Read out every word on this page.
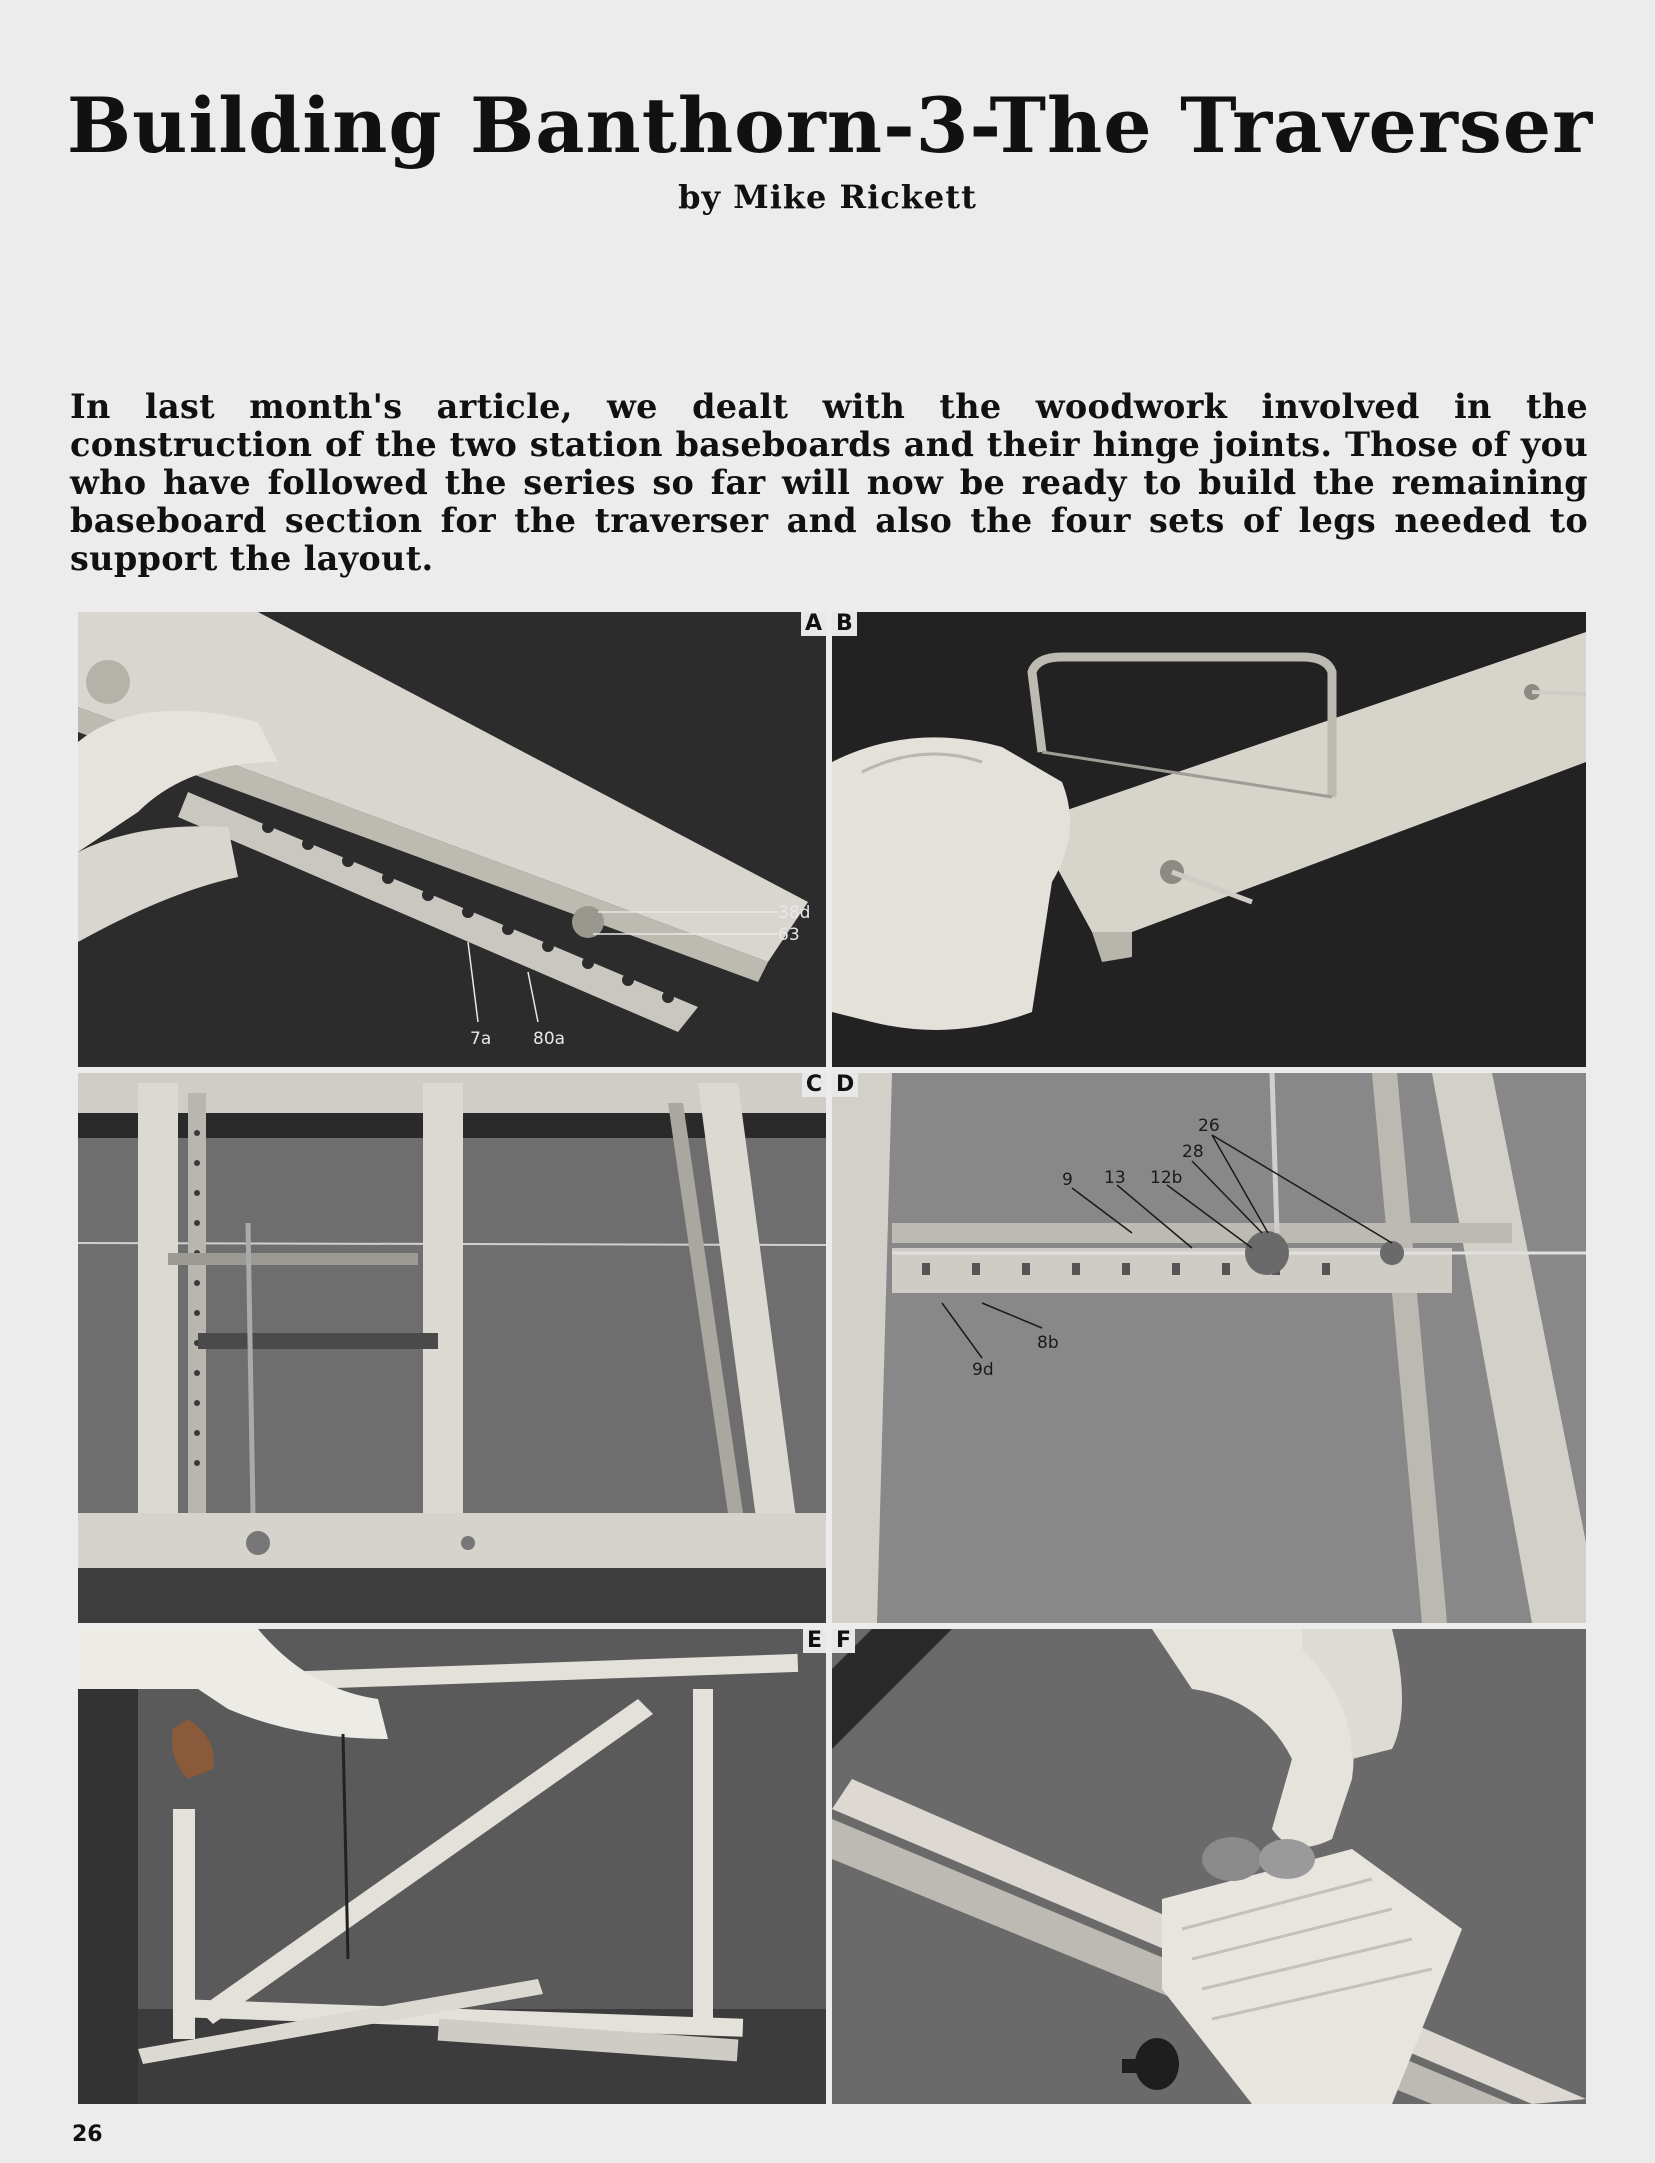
Building Banthorn-3-The Traverser
by Mike Rickett
In last month's article, we dealt with the woodwork involved in the construction of the two station baseboards and their hinge joints. Those of you who have followed the series so far will now be ready to build the remaining baseboard section for the traverser and also the four sets of legs needed to support the layout.
38d
63
7a 80a
A B
C
26
28
9 13 12b
8b
9d
D
E F
26
